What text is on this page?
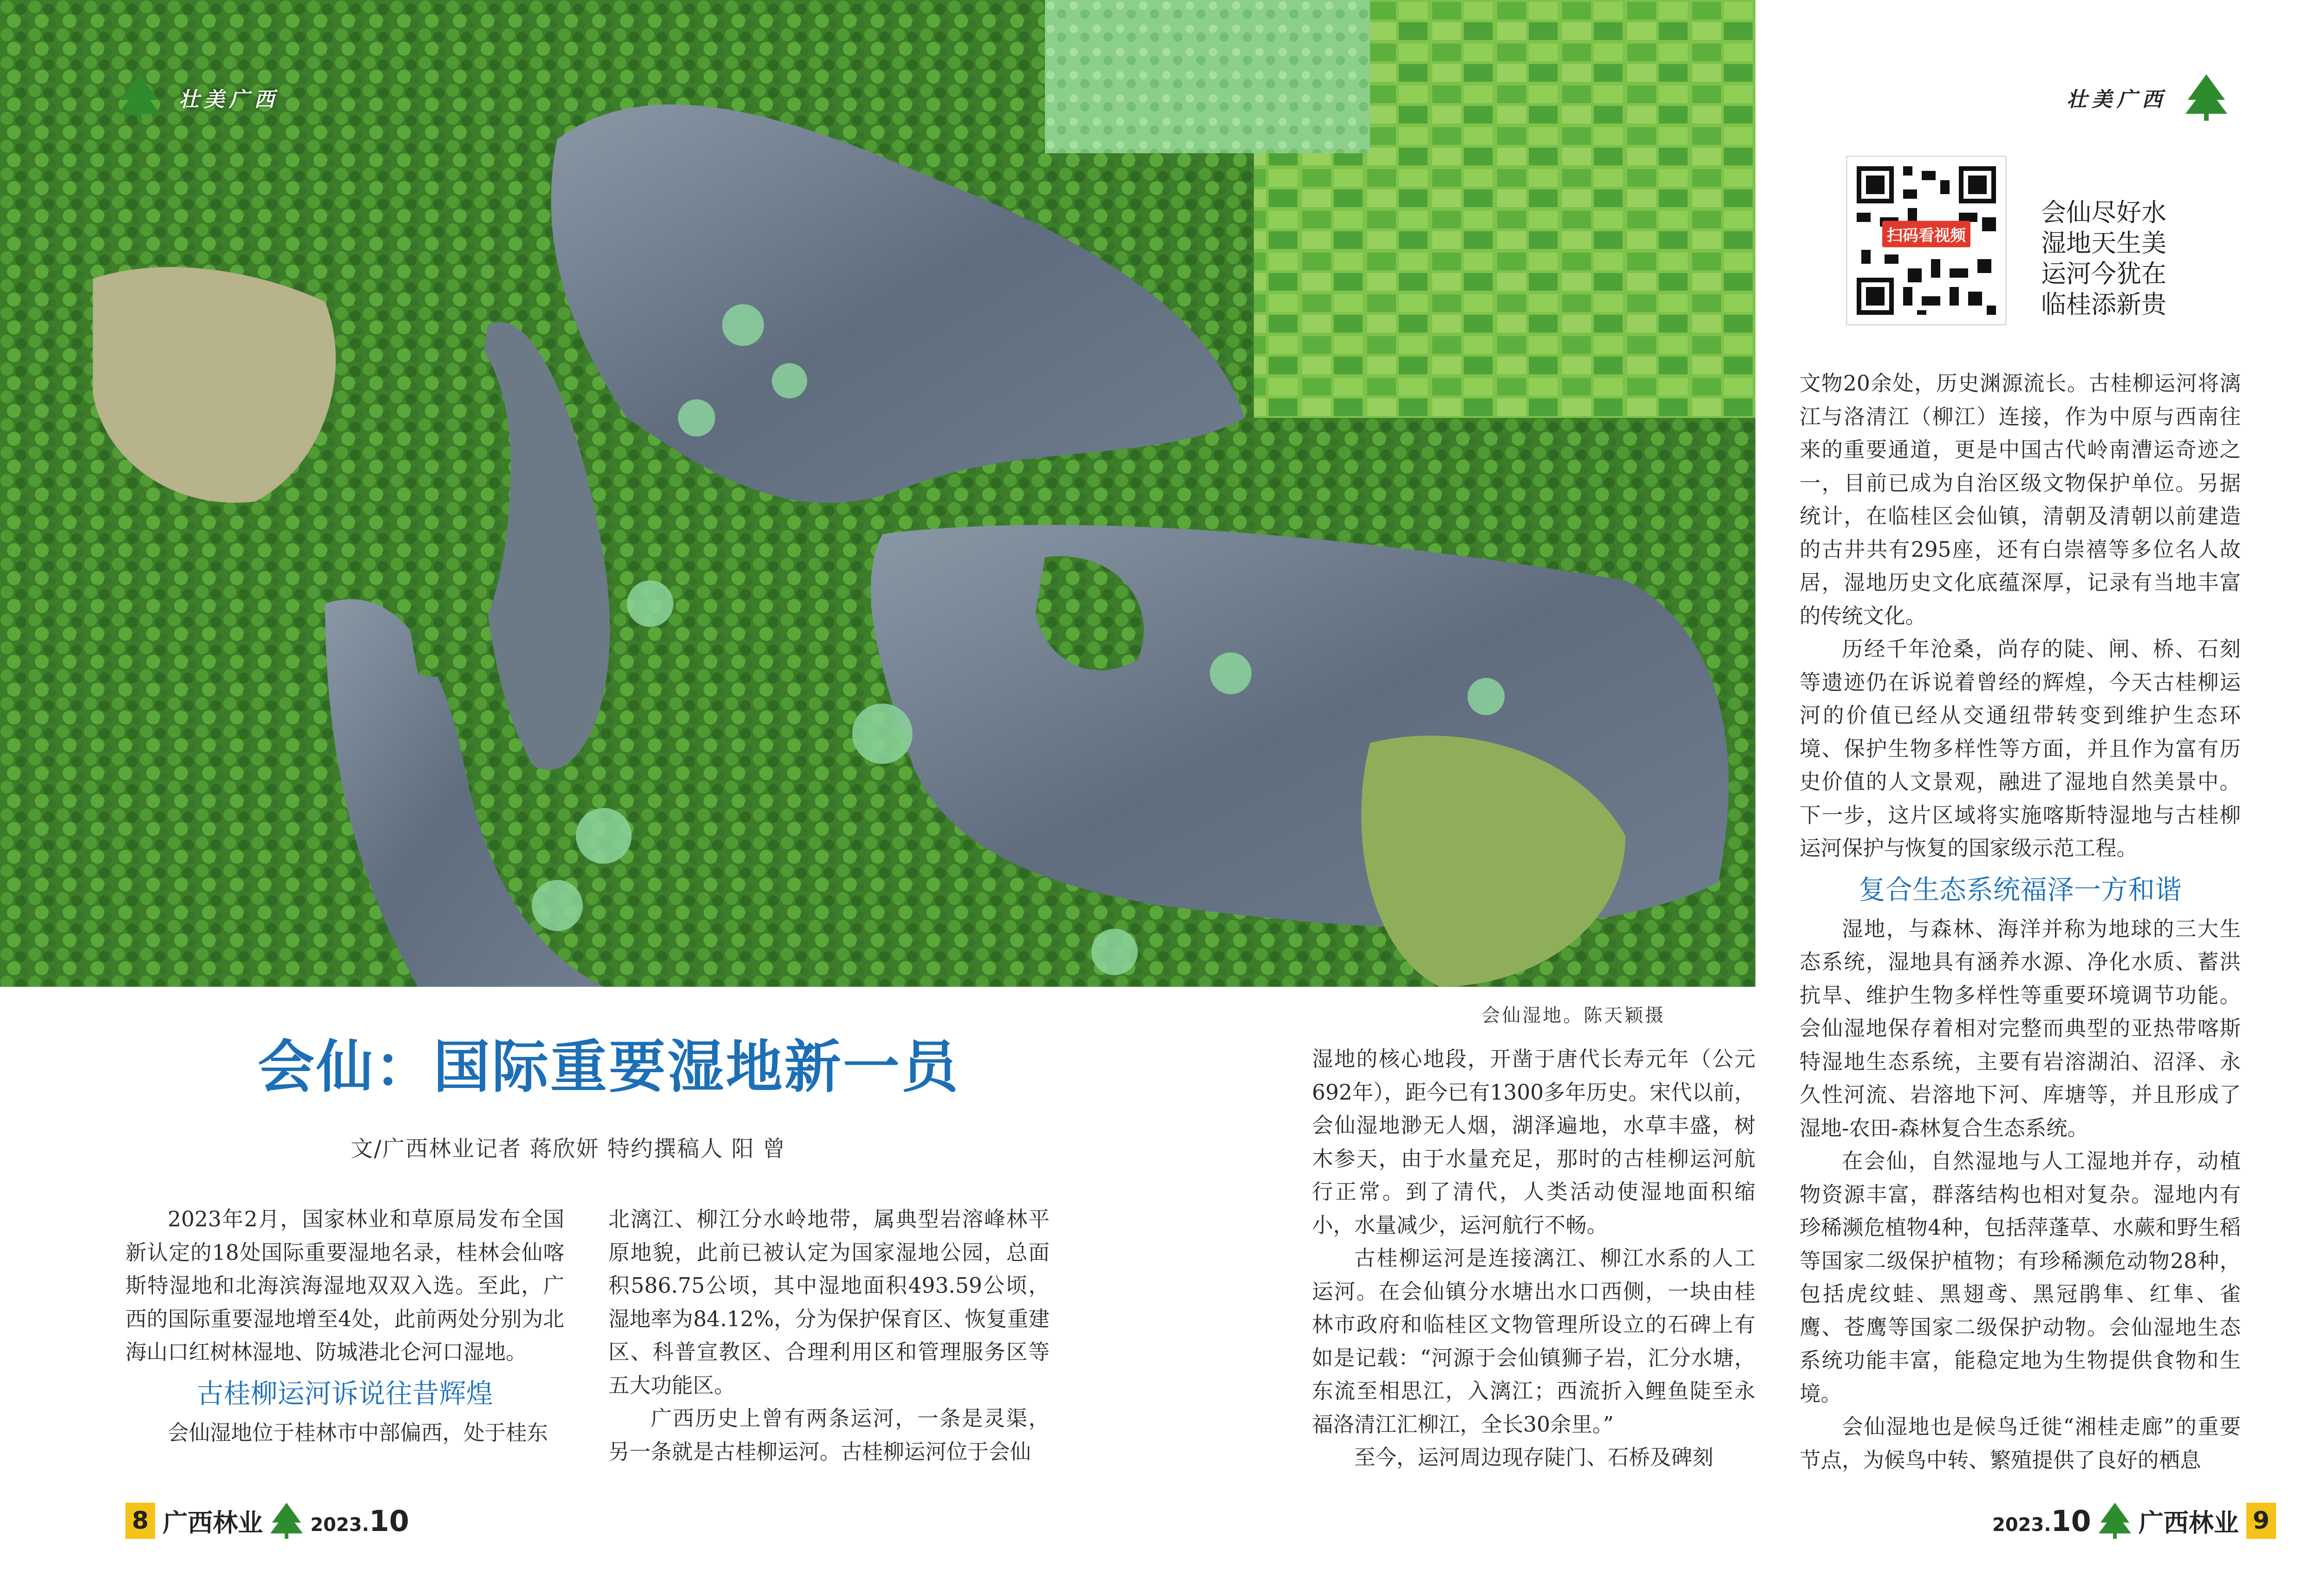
壮美广西	壮美广西
扫码看视频
会仙尽好水
湿地天生美
运河今犹在
临桂添新贵
会仙湿地。陈天颖摄
会仙：国际重要湿地新一员
文/广西林业记者 蒋欣妍 特约撰稿人 阳 曾

2023年2月，国家林业和草原局发布全国新认定的18处国际重要湿地名录，桂林会仙喀斯特湿地和北海滨海湿地双双入选。至此，广西的国际重要湿地增至4处，此前两处分别为北海山口红树林湿地、防城港北仑河口湿地。

古桂柳运河诉说往昔辉煌

会仙湿地位于桂林市中部偏西，处于桂东

北漓江、柳江分水岭地带，属典型岩溶峰林平原地貌，此前已被认定为国家湿地公园，总面积586.75公顷，其中湿地面积493.59公顷，湿地率为84.12%，分为保护保育区、恢复重建区、科普宣教区、合理利用区和管理服务区等五大功能区。

广西历史上曾有两条运河，一条是灵渠，另一条就是古桂柳运河。古桂柳运河位于会仙

湿地的核心地段，开凿于唐代长寿元年（公元692年），距今已有1300多年历史。宋代以前，会仙湿地渺无人烟，湖泽遍地，水草丰盛，树木参天，由于水量充足，那时的古桂柳运河航行正常。到了清代，人类活动使湿地面积缩小，水量减少，运河航行不畅。

古桂柳运河是连接漓江、柳江水系的人工运河。在会仙镇分水塘出水口西侧，一块由桂林市政府和临桂区文物管理所设立的石碑上有如是记载：“河源于会仙镇狮子岩，汇分水塘，东流至相思江，入漓江；西流折入鲤鱼陡至永福洛清江汇柳江，全长30余里。”

至今，运河周边现存陡门、石桥及碑刻

文物20余处，历史渊源流长。古桂柳运河将漓江与洛清江（柳江）连接，作为中原与西南往来的重要通道，更是中国古代岭南漕运奇迹之一，目前已成为自治区级文物保护单位。另据统计，在临桂区会仙镇，清朝及清朝以前建造的古井共有295座，还有白崇禧等多位名人故居，湿地历史文化底蕴深厚，记录有当地丰富的传统文化。

历经千年沧桑，尚存的陡、闸、桥、石刻等遗迹仍在诉说着曾经的辉煌，今天古桂柳运河的价值已经从交通纽带转变到维护生态环境、保护生物多样性等方面，并且作为富有历史价值的人文景观，融进了湿地自然美景中。下一步，这片区域将实施喀斯特湿地与古桂柳运河保护与恢复的国家级示范工程。

复合生态系统福泽一方和谐

湿地，与森林、海洋并称为地球的三大生态系统，湿地具有涵养水源、净化水质、蓄洪抗旱、维护生物多样性等重要环境调节功能。会仙湿地保存着相对完整而典型的亚热带喀斯特湿地生态系统，主要有岩溶湖泊、沼泽、永久性河流、岩溶地下河、库塘等，并且形成了湿地-农田-森林复合生态系统。

在会仙，自然湿地与人工湿地并存，动植物资源丰富，群落结构也相对复杂。湿地内有珍稀濒危植物4种，包括萍蓬草、水蕨和野生稻等国家二级保护植物；有珍稀濒危动物28种，包括虎纹蛙、黑翅鸢、黑冠鹃隼、红隼、雀鹰、苍鹰等国家二级保护动物。会仙湿地生态系统功能丰富，能稳定地为生物提供食物和生境。

会仙湿地也是候鸟迁徙“湘桂走廊”的重要节点，为候鸟中转、繁殖提供了良好的栖息

8 广西林业	2023.10	2023.10 广西林业 9
